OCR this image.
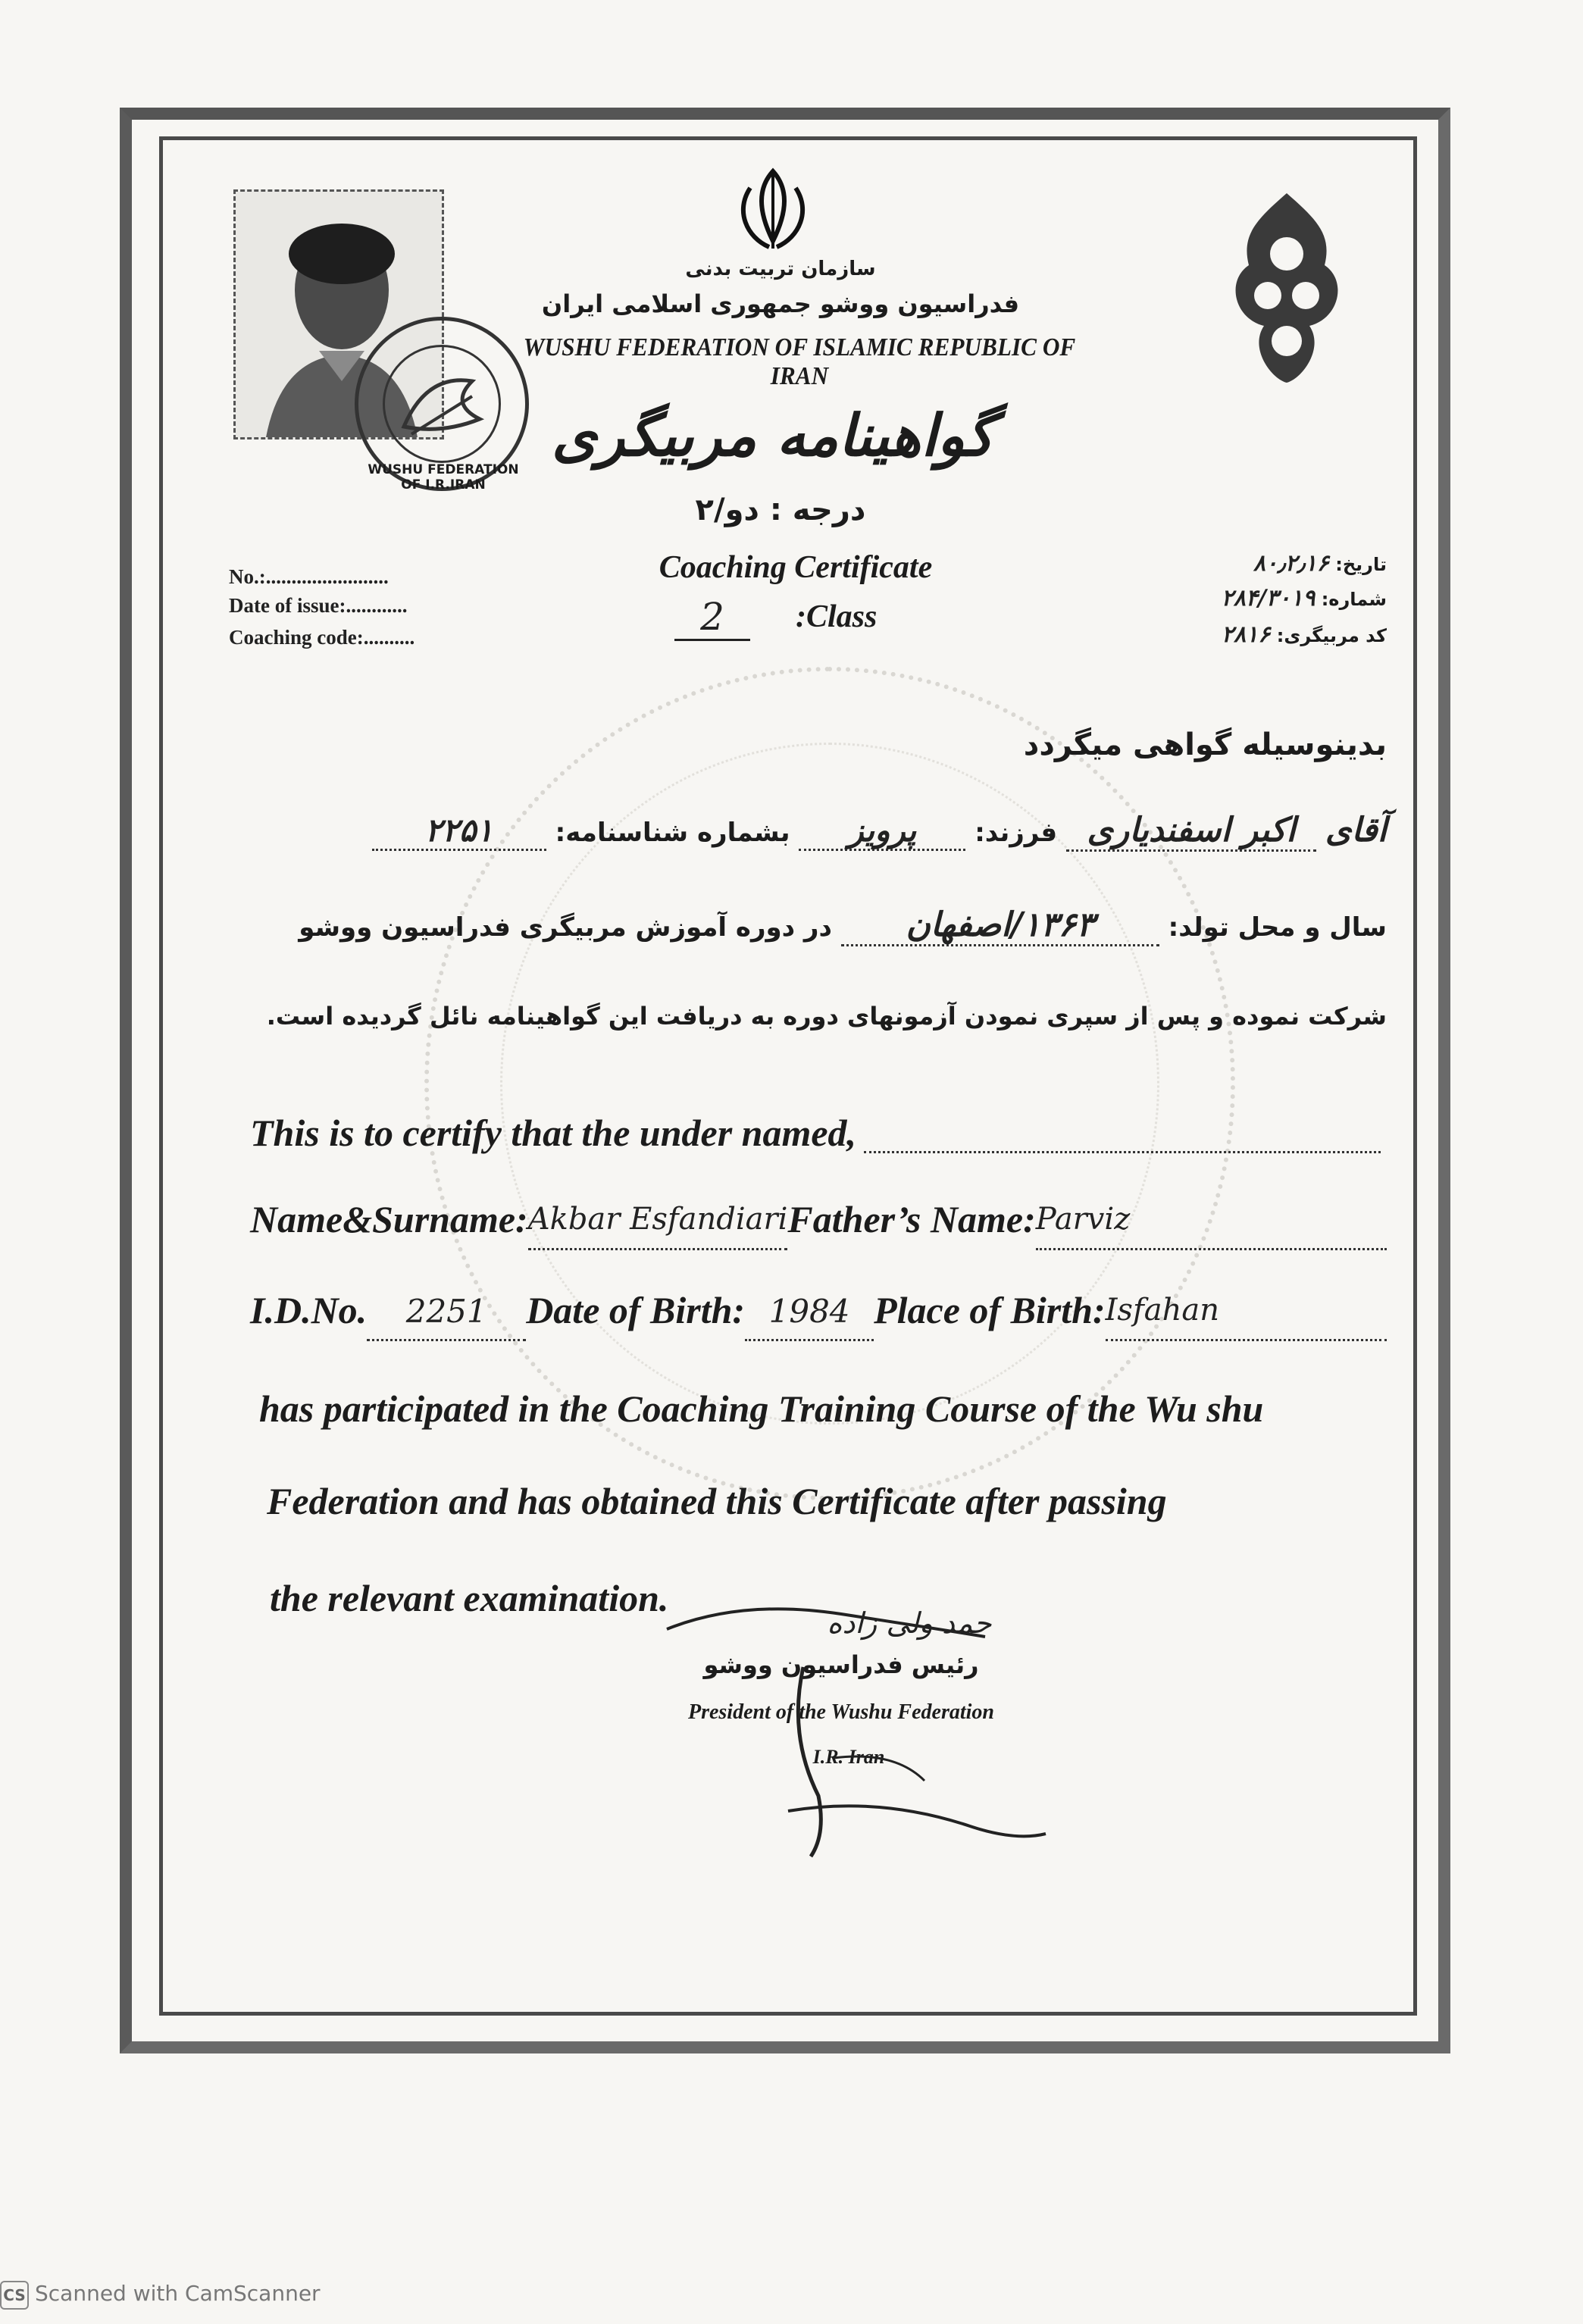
WUSHU FEDERATION OF I.R.IRAN
سازمان تربیت بدنی
فدراسیون ووشو جمهوری اسلامی ایران
WUSHU FEDERATION OF ISLAMIC REPUBLIC OF IRAN
گواهینامه مربیگری
درجه : دو/۲
Coaching Certificate
2	:Class
No.:........................
Date of issue:............
Coaching code:..........
تاریخ: ۸۰٫۲٫۱۶
شماره: ۲۸۴/۳۰۱۹
کد مربیگری: ۲۸۱۶
بدینوسیله گواهی میگردد
آقای اکبر اسفندیاری فرزند: پرویز بشماره شناسنامه: ۲۲۵۱
سال و محل تولد: ۱۳۶۳/اصفهان در دوره آموزش مربیگری فدراسیون ووشو
شرکت نموده و پس از سپری نمودن آزمونهای دوره به دریافت این گواهینامه نائل گردیده است.
This is to certify that the under named,
Name&Surname: Akbar Esfandiari Father’s Name: Parviz
I.D.No.	2251	Date of Birth: 1984 Place of Birth: Isfahan
has participated in the Coaching Training Course of the Wu shu
Federation and has obtained this Certificate after passing
the relevant examination.
حمد ولی زاده
رئیس فدراسیون ووشو
President of the Wushu Federation
I.R. Iran
CS Scanned with CamScanner
